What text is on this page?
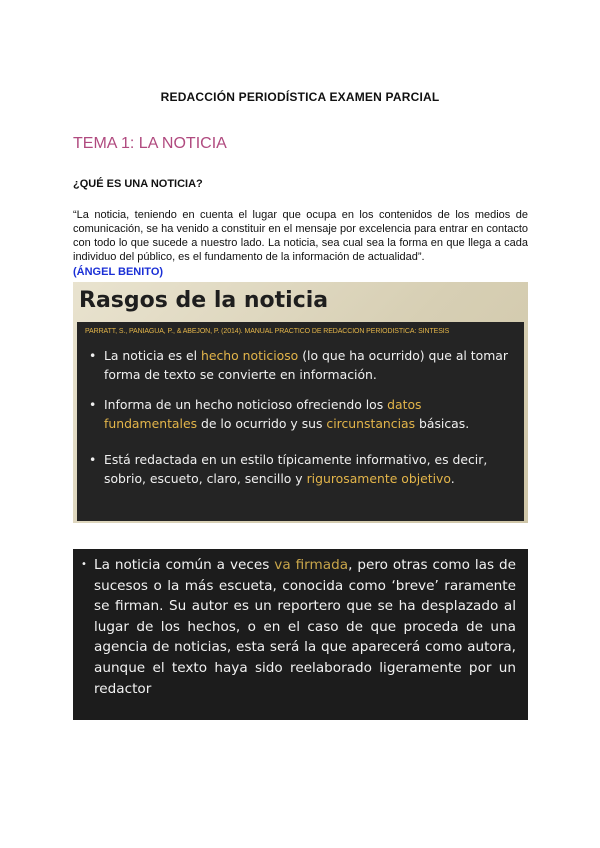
REDACCIÓN PERIODÍSTICA EXAMEN PARCIAL
TEMA 1: LA NOTICIA
¿QUÉ ES UNA NOTICIA?
“La noticia, teniendo en cuenta el lugar que ocupa en los contenidos de los medios de comunicación, se ha venido a constituir en el mensaje por excelencia para entrar en contacto con todo lo que sucede a nuestro lado. La noticia, sea cual sea la forma en que llega a cada individuo del público, es el fundamento de la información de actualidad”.
(ÁNGEL BENITO)
Rasgos de la noticia
PARRATT, S., PANIAGUA, P., & ABEJÓN, P. (2014). MANUAL PRÁCTICO DE REDACCIÓN PERIODÍSTICA: SÍNTESIS
• La noticia es el hecho noticioso (lo que ha ocurrido) que al tomar forma de texto se convierte en información.
• Informa de un hecho noticioso ofreciendo los datos fundamentales de lo ocurrido y sus circunstancias básicas.
• Está redactada en un estilo típicamente informativo, es decir, sobrio, escueto, claro, sencillo y rigurosamente objetivo.
• La noticia común a veces va firmada, pero otras como las de sucesos o la más escueta, conocida como ‘breve’ raramente se firman. Su autor es un reportero que se ha desplazado al lugar de los hechos, o en el caso de que proceda de una agencia de noticias, esta será la que aparecerá como autora, aunque el texto haya sido reelaborado ligeramente por un redactor
